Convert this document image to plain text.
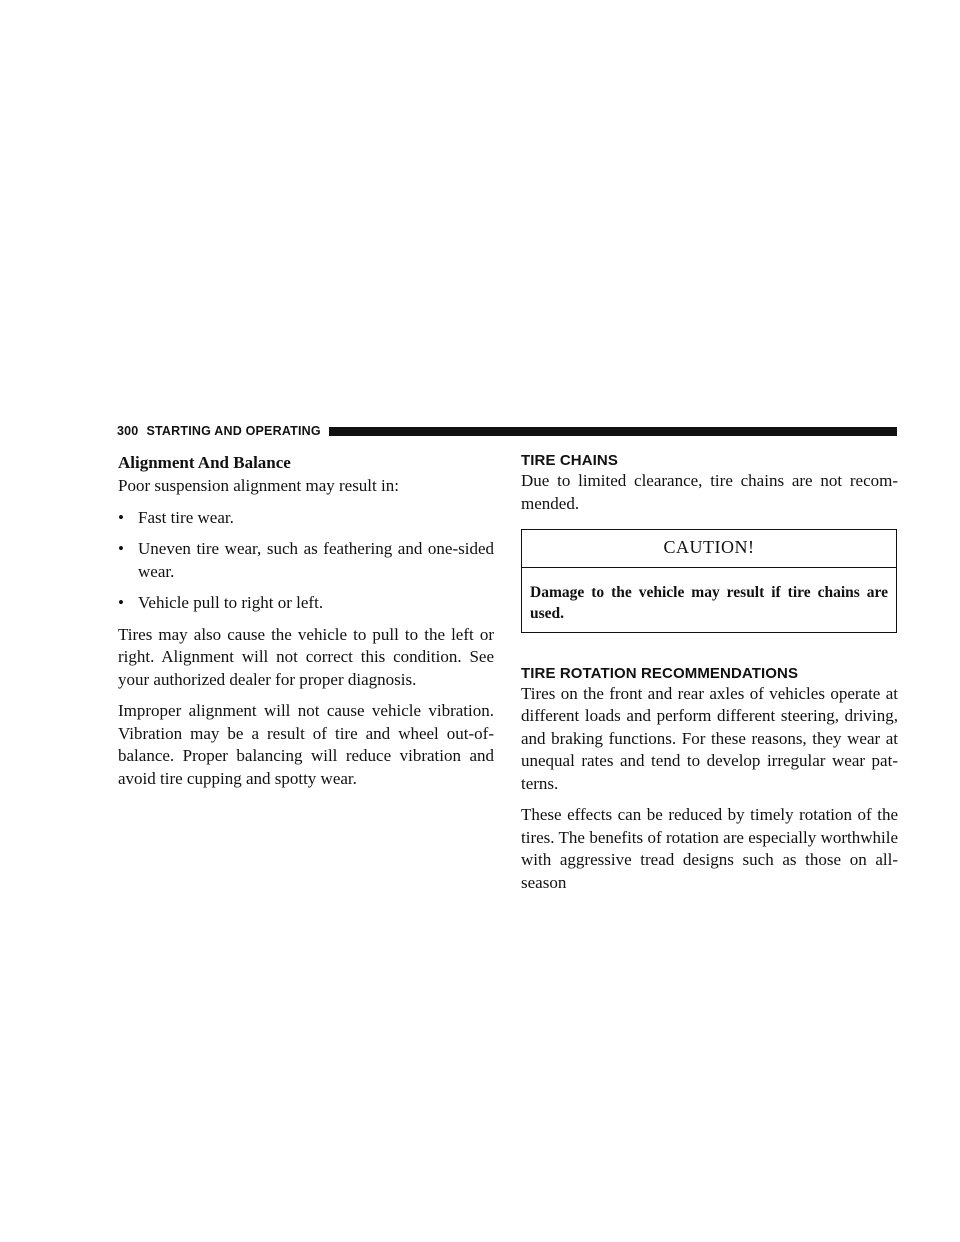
300 STARTING AND OPERATING
Alignment And Balance

Poor suspension alignment may result in:

• Fast tire wear.
• Uneven tire wear, such as feathering and one-sided wear.
• Vehicle pull to right or left.

Tires may also cause the vehicle to pull to the left or right. Alignment will not correct this condition. See your authorized dealer for proper diagnosis.

Improper alignment will not cause vehicle vibration. Vibration may be a result of tire and wheel out-of-balance. Proper balancing will reduce vibration and avoid tire cupping and spotty wear.

TIRE CHAINS

Due to limited clearance, tire chains are not recom-mended.

CAUTION!
Damage to the vehicle may result if tire chains are used.
TIRE ROTATION RECOMMENDATIONS

Tires on the front and rear axles of vehicles operate at different loads and perform different steering, driving, and braking functions. For these reasons, they wear at unequal rates and tend to develop irregular wear pat-terns.

These effects can be reduced by timely rotation of the tires. The benefits of rotation are especially worthwhile with aggressive tread designs such as those on all-season
